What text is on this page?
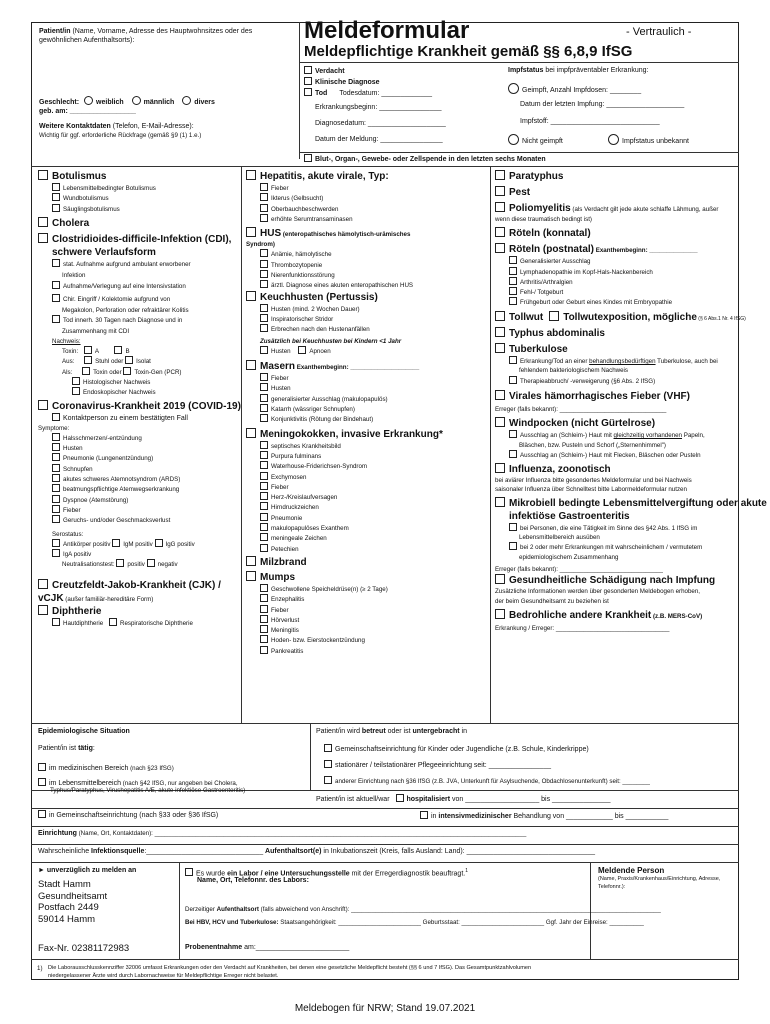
Patient/in (Name, Vorname, Adresse des Hauptwohnsitzes oder des gewöhnlichen Aufenthaltsorts):
Geschlecht: weiblich	männlich	divers
geb. am: _________________
Weitere Kontaktdaten (Telefon, E-Mail-Adresse):
Wichtig für ggf. erforderliche Rückfrage (gemäß §9 (1) 1.e.)
Meldeformular	- Vertraulich -
Meldepflichtige Krankheit gemäß §§ 6,8,9 IfSG
Verdacht
Klinische Diagnose
Tod Todesdatum: _____________
Erkrankungsbeginn: ________________
Diagnosedatum: ____________________
Datum der Meldung: ________________
Blut-, Organ-, Gewebe- oder Zellspende in den letzten sechs Monaten
Impfstatus bei impfpräventabler Erkrankung:
Geimpft, Anzahl Impfdosen: ________
Datum der letzten Impfung: ____________________
Impfstoff: ____________________________
Nicht geimpft	Impfstatus unbekannt
Botulismus
Lebensmittelbedingter Botulismus
Wundbotulismus
Säuglingsbotulismus
Cholera
Clostridioides-difficile-Infektion (CDI),
schwere Verlaufsform
stat. Aufnahme aufgrund ambulant erworbener
Infektion
Aufnahme/Verlegung auf eine Intensivstation
Chir. Eingriff / Kolektomie aufgrund von
Megakolon, Perforation oder refraktärer Kolitis
Tod innerh. 30 Tagen nach Diagnose und in
Zusammenhang mit CDI
Nachweis:
Toxin:	A	B
Aus:	Stuhl oder Isolat
Als:	Toxin oder Toxin-Gen (PCR)
Histologischer Nachweis
Endoskopischer Nachweis
Coronavirus-Krankheit 2019 (COVID-19)
Kontaktperson zu einem bestätigten Fall
Symptome:
Halsschmerzen/-entzündung
Husten
Pneumonie (Lungenentzündung)
Schnupfen
akutes schweres Atemnotsyndrom (ARDS)
beatmungspflichtige Atemwegserkrankung
Dyspnoe (Atemstörung)
Fieber
Geruchs- und/oder Geschmacksverlust
Serostatus:
Antikörper positiv IgM positiv IgG positiv
IgA positiv
Neutralisationstest: positiv negativ
Creutzfeldt-Jakob-Krankheit (CJK) /
vCJK (außer familiär-hereditäre Form)
Diphtherie
Hautdiphtherie	Respiratorische Diphtherie
Hepatitis, akute virale, Typ:
Fieber
Ikterus (Gelbsucht)
Oberbauchbeschwerden
erhöhte Serumtransaminasen
HUS (enteropathisches hämolytisch-urämisches
Syndrom)
Anämie, hämolytische
Thrombozytopenie
Nierenfunktionsstörung
ärztl. Diagnose eines akuten enteropathischen HUS
Keuchhusten (Pertussis)
Husten (mind. 2 Wochen Dauer)
Inspiratorischer Stridor
Erbrechen nach den Hustenanfällen
Zusätzlich bei Keuchhusten bei Kindern <1 Jahr
Husten	Apnoen
Masern Exanthembeginn: ____________________
Fieber
Husten
generalisierter Ausschlag (makulopapulös)
Katarrh (wässriger Schnupfen)
Konjunktivitis (Rötung der Bindehaut)
Meningokokken, invasive Erkrankung*
septisches Krankheitsbild
Purpura fulminans
Waterhouse-Friderichsen-Syndrom
Exchymosen
Fieber
Herz-/Kreislaufversagen
Hirndruckzeichen
Pneumonie
makulopapulöses Exanthem
meningeale Zeichen
Petechien
Milzbrand
Mumps
Geschwollene Speicheldrüse(n) (≥ 2 Tage)
Enzephalitis
Fieber
Hörverlust
Meningitis
Hoden- bzw. Eierstockentzündung
Pankreatitis
Paratyphus
Pest
Poliomyelitis (als Verdacht gilt jede akute schlaffe Lähmung, außer
wenn diese traumatisch bedingt ist)
Röteln (konnatal)
Röteln (postnatal) Exanthembeginn: ______________
Generalisierter Ausschlag
Lymphadenopathie im Kopf-Hals-Nackenbereich
Arthritis/Arthralgien
Fehl-/ Totgeburt
Frühgeburt oder Geburt eines Kindes mit Embryopathie
Tollwut Tollwutexposition, mögliche (§ 6 Abs.1 Nr. 4 IfSG)
Typhus abdominalis
Tuberkulose
Erkrankung/Tod an einer behandlungsbedürftigen Tuberkulose, auch bei
fehlendem bakteriologischem Nachweis
Therapieabbruch/ -verweigerung (§6 Abs. 2 IfSG)
Virales hämorrhagisches Fieber (VHF)
Erreger (falls bekannt): _______________________________
Windpocken (nicht Gürtelrose)
Ausschlag an (Schleim-) Haut mit gleichzeitig vorhandenen Papeln,
Bläschen, bzw. Pusteln und Schorf („Sternenhimmel")
Ausschlag an (Schleim-) Haut mit Flecken, Bläschen oder Pusteln
Influenza, zoonotisch
bei aviärer Influenza bitte gesondertes Meldeformular und bei Nachweis
saisonaler Influenza über Schnelltest bitte Labormeldeformular nutzen
Mikrobiell bedingte Lebensmittelvergiftung oder akute
infektiöse Gastroenteritis
bei Personen, die eine Tätigkeit im Sinne des §42 Abs. 1 IfSG im
Lebensmittelbereich ausüben
bei 2 oder mehr Erkrankungen mit wahrscheinlichem / vermutetem
epidemiologischem Zusammenhang
Erreger (falls bekannt): ______________________________
Gesundheitliche Schädigung nach Impfung
Zusätzliche Informationen werden über gesonderten Meldebogen erhoben,
der beim Gesundheitsamt zu beziehen ist
Bedrohliche andere Krankheit (z.B. MERS-CoV)
Erkrankung / Erreger: _________________________________
Epidemiologische Situation
Patient/in ist tätig:
im medizinischen Bereich (nach §23 IfSG)
im Lebensmittelbereich (nach §42 IfSG, nur angeben bei Cholera,
Typhus/Paratyphus, Virushepatitis A/E, akute infektiöse Gastroenteritis)
Patient/in wird betreut oder ist untergebracht in
Gemeinschaftseinrichtung für Kinder oder Jugendliche (z.B. Schule, Kinderkrippe)
stationärer / teilstationärer Pflegeeinrichtung seit: ________________
anderer Einrichtung nach §36 IfSG (z.B. JVA, Unterkunft für Asylsuchende, Obdachlosenunterkunft) seit: ________
in Gemeinschaftseinrichtung (nach §33 oder §36 IfSG)
Patient/in ist aktuell/war hospitalisiert von ___________________ bis _______________
in intensivmedizinischer Behandlung von ____________ bis ___________
Einrichtung (Name, Ort, Kontaktdaten): ____________________________________________________________________________________________________________
Wahrscheinliche Infektionsquelle:______________________________ Aufenthaltsort(e) in Inkubationszeit (Kreis, falls Ausland: Land): _________________________________
► unverzüglich zu melden an
Stadt Hamm
Gesundheitsamt
Postfach 2449
59014 Hamm
Fax-Nr. 02381172983
Es wurde ein Labor / eine Untersuchungsstelle mit der Erregerdiagnostik beauftragt.$^1$
Name, Ort, Telefonnr. des Labors:
Probenentnahme am:________________________
Meldende Person
(Name, Praxis/Krankenhaus/Einrichtung, Adresse,
Telefonnr.):
1) Die Laborausschlusskennziffer 32006 umfasst Erkrankungen oder den Verdacht auf Krankheiten, bei denen eine gesetzliche Meldepflicht besteht (§§ 6 und 7 IfSG). Das Gesamtpunktzahlvolumen
niedergelassener Ärzte wird durch Labornachweise für Meldepflichtige Erreger nicht belastet.
Meldebogen für NRW; Stand 19.07.2021
Derzeitiger Aufenthaltsort (falls abweichend von Anschrift): __________________________________________________________________________________________
Bei HBV, HCV und Tuberkulose: Staatsangehörigkeit: ________________________ Geburtsstaat: ________________________ Ggf. Jahr der Einreise: __________
